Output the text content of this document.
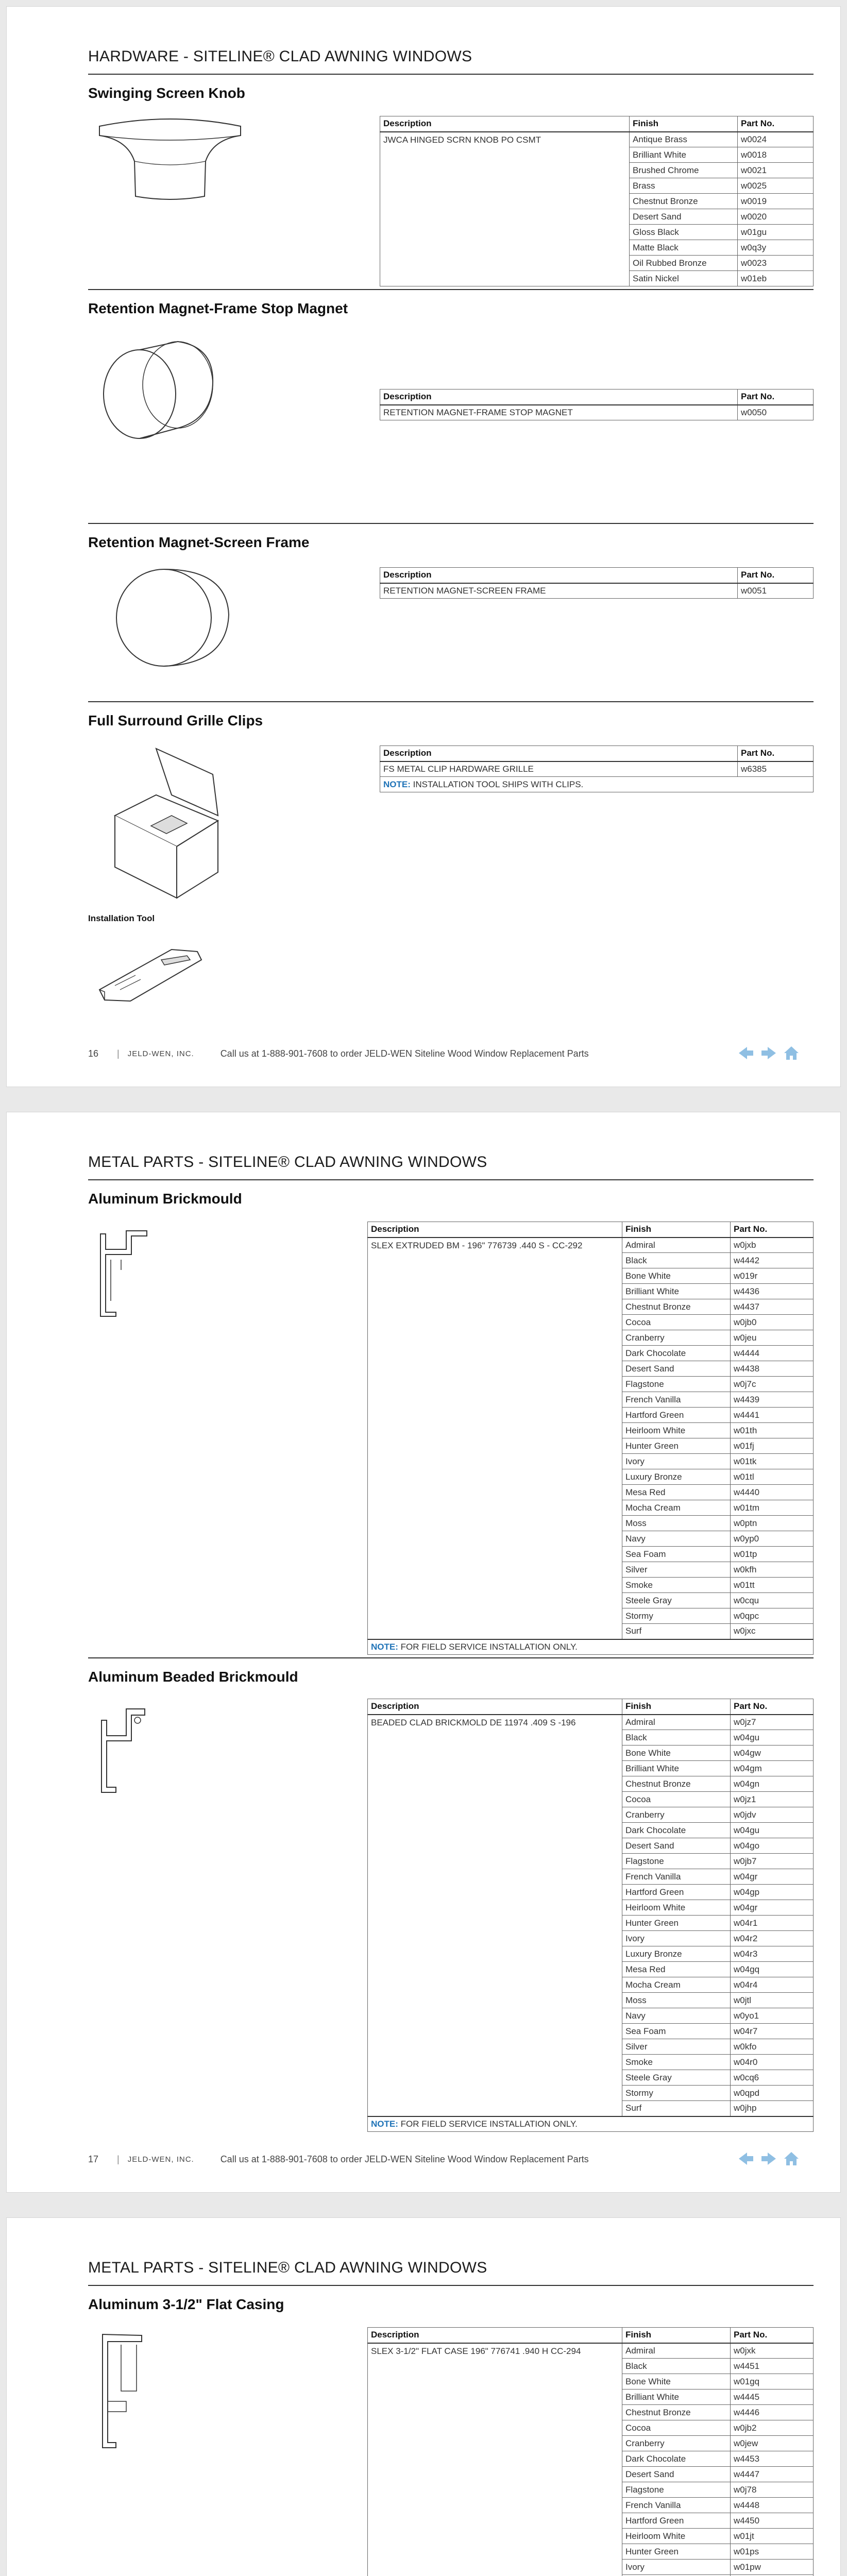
HARDWARE - SITELINE® CLAD AWNING WINDOWS
Swinging Screen Knob
Description	Finish	Part No.
JWCA HINGED SCRN KNOB PO CSMT	Antique Brass	w0024
	Brilliant White	w0018
	Brushed Chrome	w0021
	Brass	w0025
	Chestnut Bronze	w0019
	Desert Sand	w0020
	Gloss Black	w01gu
	Matte Black	w0q3y
	Oil Rubbed Bronze	w0023
	Satin Nickel	w01eb
Retention Magnet-Frame Stop Magnet
Description	Part No.
RETENTION MAGNET-FRAME STOP MAGNET	w0050
Retention Magnet-Screen Frame
Description	Part No.
RETENTION MAGNET-SCREEN FRAME	w0051
Full Surround Grille Clips
Description	Part No.
FS METAL CLIP HARDWARE GRILLE	w6385
NOTE: INSTALLATION TOOL SHIPS WITH CLIPS.	
Installation Tool
16	| JELD-WEN, INC.	Call us at 1-888-901-7608 to order JELD-WEN Siteline Wood Window Replacement Parts
METAL PARTS - SITELINE® CLAD AWNING WINDOWS
Aluminum Brickmould
Description	Finish	Part No.
SLEX EXTRUDED BM - 196" 776739 .440 S - CC-292	Admiral	w0jxb
	Black	w4442
	Bone White	w019r
	Brilliant White	w4436
	Chestnut Bronze	w4437
	Cocoa	w0jb0
	Cranberry	w0jeu
	Dark Chocolate	w4444
	Desert Sand	w4438
	Flagstone	w0j7c
	French Vanilla	w4439
	Hartford Green	w4441
	Heirloom White	w01th
	Hunter Green	w01fj
	Ivory	w01tk
	Luxury Bronze	w01tl
	Mesa Red	w4440
	Mocha Cream	w01tm
	Moss	w0ptn
	Navy	w0yp0
	Sea Foam	w01tp
	Silver	w0kfh
	Smoke	w01tt
	Steele Gray	w0cqu
	Stormy	w0qpc
	Surf	w0jxc
NOTE: FOR FIELD SERVICE INSTALLATION ONLY.		
Aluminum Beaded Brickmould
Description	Finish	Part No.
BEADED CLAD BRICKMOLD DE 11974 .409 S -196	Admiral	w0jz7
	Black	w04gu
	Bone White	w04gw
	Brilliant White	w04gm
	Chestnut Bronze	w04gn
	Cocoa	w0jz1
	Cranberry	w0jdv
	Dark Chocolate	w04gu
	Desert Sand	w04go
	Flagstone	w0jb7
	French Vanilla	w04gr
	Hartford Green	w04gp
	Heirloom White	w04gr
	Hunter Green	w04r1
	Ivory	w04r2
	Luxury Bronze	w04r3
	Mesa Red	w04gq
	Mocha Cream	w04r4
	Moss	w0jtl
	Navy	w0yo1
	Sea Foam	w04r7
	Silver	w0kfo
	Smoke	w04r0
	Steele Gray	w0cq6
	Stormy	w0qpd
	Surf	w0jhp
NOTE: FOR FIELD SERVICE INSTALLATION ONLY.		
17	| JELD-WEN, INC.	Call us at 1-888-901-7608 to order JELD-WEN Siteline Wood Window Replacement Parts
METAL PARTS - SITELINE® CLAD AWNING WINDOWS
Aluminum 3-1/2" Flat Casing
Description	Finish	Part No.
SLEX 3-1/2" FLAT CASE 196" 776741 .940 H CC-294	Admiral	w0jxk
	Black	w4451
	Bone White	w01gq
	Brilliant White	w4445
	Chestnut Bronze	w4446
	Cocoa	w0jb2
	Cranberry	w0jew
	Dark Chocolate	w4453
	Desert Sand	w4447
	Flagstone	w0j78
	French Vanilla	w4448
	Hartford Green	w4450
	Heirloom White	w01jt
	Hunter Green	w01ps
	Ivory	w01pw
